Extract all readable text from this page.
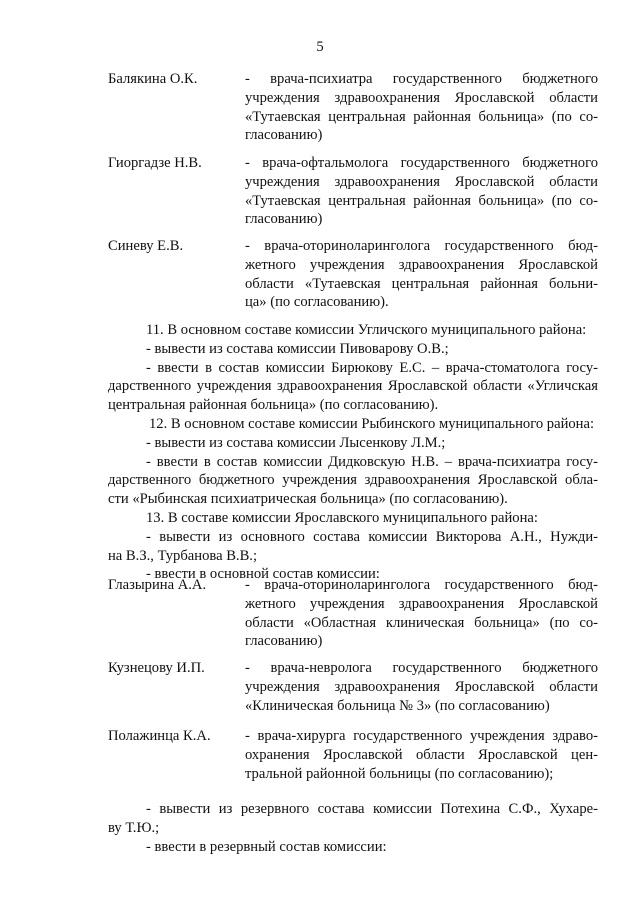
5
Балякина О.К.	- врача-психиатра государственного бюджетного
учреждения здравоохранения Ярославской области
«Тутаевская центральная районная больница» (по со-
гласованию)
Гиоргадзе Н.В.	- врача-офтальмолога государственного бюджетного
учреждения здравоохранения Ярославской области
«Тутаевская центральная районная больница» (по со-
гласованию)
Синеву Е.В.	- врача-оториноларинголога государственного бюд-
жетного учреждения здравоохранения Ярославской
области «Тутаевская центральная районная больни-
ца» (по согласованию).
11. В основном составе комиссии Угличского муниципального района:
- вывести из состава комиссии Пивоварову О.В.;
- ввести в состав комиссии Бирюкову Е.С. – врача-стоматолога госу-
дарственного учреждения здравоохранения Ярославской области «Угличская
центральная районная больница» (по согласованию).
12. В основном составе комиссии Рыбинского муниципального района:
- вывести из состава комиссии Лысенкову Л.М.;
- ввести в состав комиссии Дидковскую Н.В. – врача-психиатра госу-
дарственного бюджетного учреждения здравоохранения Ярославской обла-
сти «Рыбинская психиатрическая больница» (по согласованию).
13. В составе комиссии Ярославского муниципального района:
- вывести из основного состава комиссии Викторова А.Н., Нужди-
на В.З., Турбанова В.В.;
- ввести в основной состав комиссии:
Глазырина А.А.	- врача-оториноларинголога государственного бюд-
жетного учреждения здравоохранения Ярославской
области «Областная клиническая больница» (по со-
гласованию)
Кузнецову И.П.	- врача-невролога государственного бюджетного
учреждения здравоохранения Ярославской области
«Клиническая больница № 3» (по согласованию)
Полажинца К.А.	- врача-хирурга государственного учреждения здраво-
охранения Ярославской области Ярославской цен-
тральной районной больницы (по согласованию);
- вывести из резервного состава комиссии Потехина С.Ф., Хухаре-
ву Т.Ю.;
- ввести в резервный состав комиссии:
